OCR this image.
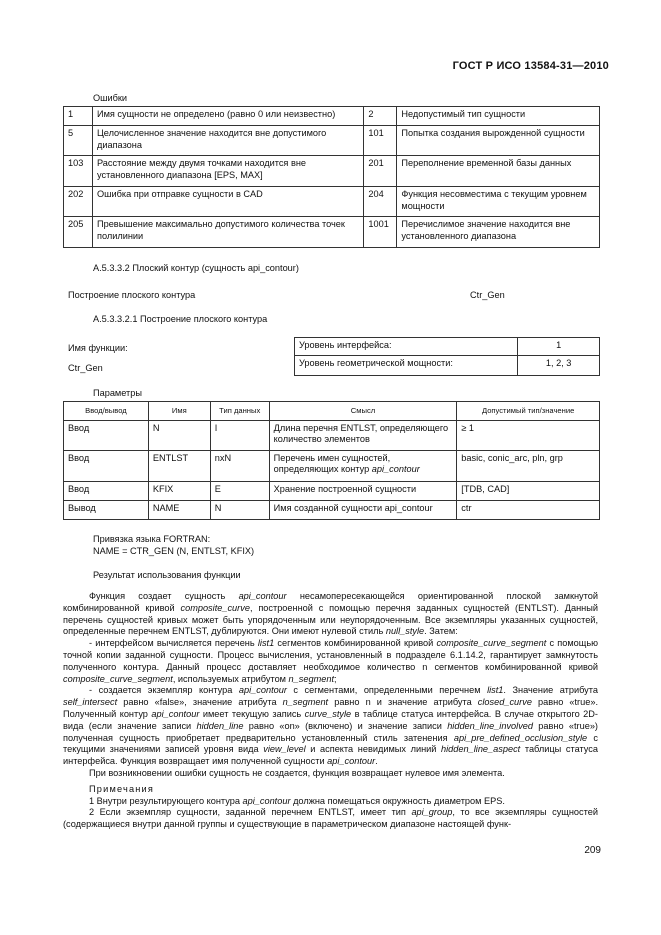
ГОСТ Р ИСО 13584-31—2010
Ошибки
1	Имя сущности не определено (равно 0 или неизвестно)	2	Недопустимый тип сущности
5	Целочисленное значение находится вне допустимого диапазона	101	Попытка создания вырожденной сущности
103	Расстояние между двумя точками находится вне установленного диапазона [EPS, MAX]	201	Переполнение временной базы данных
202	Ошибка при отправке сущности в CAD	204	Функция несовместима с текущим уровнем мощности
205	Превышение максимально допустимого количества точек полилинии	1001	Перечислимое значение находится вне установленного диапазона
A.5.3.3.2 Плоский контур (сущность api_contour)
Построение плоского контура	Ctr_Gen
A.5.3.3.2.1 Построение плоского контура
Имя функции:
Ctr_Gen
Уровень интерфейса:	1
Уровень геометрической мощности:	1, 2, 3
Параметры
Ввод/вывод	Имя	Тип данных	Смысл	Допустимый тип/значение
Ввод	N	I	Длина перечня ENTLST, определяющего количество элементов	≥ 1
Ввод	ENTLST	nxN	Перечень имен сущностей, определяющих контур api_contour	basic, conic_arc, pln, grp
Ввод	KFIX	E	Хранение построенной сущности	[TDB, CAD]
Вывод	NAME	N	Имя созданной сущности api_contour	ctr
Привязка языка FORTRAN:
NAME = CTR_GEN (N, ENTLST, KFIX)
Результат использования функции

Функция создает сущность api_contour несамопересекающейся ориентированной плоской замкнутой комбинированной кривой composite_curve, построенной с помощью перечня заданных сущностей (ENTLST). Данный перечень сущностей кривых может быть упорядоченным или неупорядоченным. Все экземпляры указанных сущностей, определенные перечнем ENTLST, дублируются. Они имеют нулевой стиль null_style. Затем:

- интерфейсом вычисляется перечень list1 сегментов комбинированной кривой composite_curve_segment с помощью точной копии заданной сущности. Процесс вычисления, установленный в подразделе 6.1.14.2, гарантирует замкнутость полученного контура. Данный процесс доставляет необходимое количество n сегментов комбинированной кривой composite_curve_segment, используемых атрибутом n_segment;

- создается экземпляр контура api_contour с сегментами, определенными перечнем list1. Значение атрибута self_intersect равно «false», значение атрибута n_segment равно n и значение атрибута closed_curve равно «true». Полученный контур api_contour имеет текущую запись curve_style в таблице статуса интерфейса. В случае открытого 2D-вида (если значение записи hidden_line равно «on» (включено) и значение записи hidden_line_involved равно «true») полученная сущность приобретает предварительно установленный стиль затенения api_pre_defined_occlusion_style с текущими значениями записей уровня вида view_level и аспекта невидимых линий hidden_line_aspect таблицы статуса интерфейса. Функция возвращает имя полученной сущности api_contour.

При возникновении ошибки сущность не создается, функция возвращает нулевое имя элемента.

Примечания

1 Внутри результирующего контура api_contour должна помещаться окружность диаметром EPS.

2 Если экземпляр сущности, заданной перечнем ENTLST, имеет тип api_group, то все экземпляры сущностей (содержащиеся внутри данной группы и существующие в параметрическом диапазоне настоящей функ-

209
